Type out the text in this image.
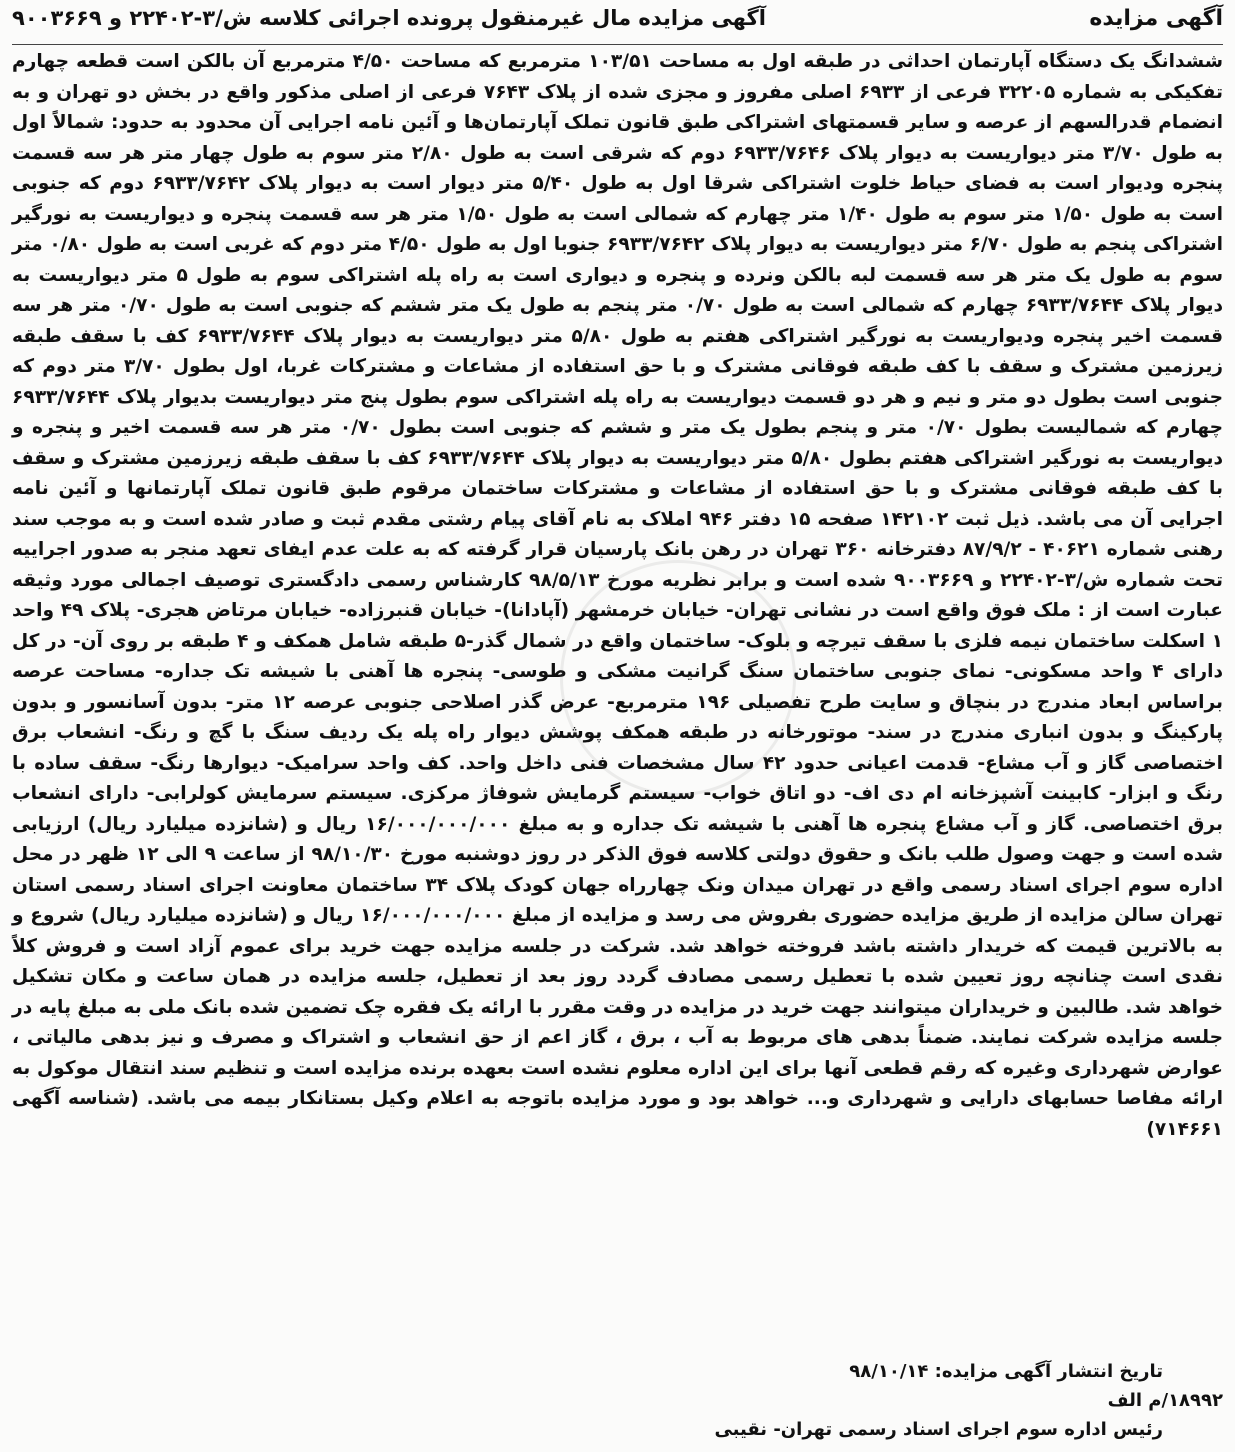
آگهی مزایده
آگهی مزایده مال غیرمنقول پرونده اجرائی کلاسه ش/۳-۲۲۴۰۲ و ۹۰۰۳۶۶۹

ششدانگ یک دستگاه آپارتمان احداثی در طبقه اول به مساحت ۱۰۳/۵۱ مترمربع که مساحت ۴/۵۰ مترمربع آن بالکن است قطعه چهارم تفکیکی به شماره ۳۲۲۰۵ فرعی از ۶۹۳۳ اصلی مفروز و مجزی شده از پلاک ۷۶۴۳ فرعی از اصلی مذکور واقع در بخش دو تهران و به انضمام قدرالسهم از عرصه و سایر قسمتهای اشتراکی طبق قانون تملک آپارتمان‌ها و آئین نامه اجرایی آن محدود به حدود: شمالاً اول به طول ۳/۷۰ متر دیواریست به دیوار پلاک ۶۹۳۳/۷۶۴۶ دوم که شرقی است به طول ۲/۸۰ متر سوم به طول چهار متر هر سه قسمت پنجره ودیوار است به فضای حیاط خلوت اشتراکی شرقا اول به طول ۵/۴۰ متر دیوار است به دیوار پلاک ۶۹۳۳/۷۶۴۲ دوم که جنوبی است به طول ۱/۵۰ متر سوم به طول ۱/۴۰ متر چهارم که شمالی است به طول ۱/۵۰ متر هر سه قسمت پنجره و دیواریست به نورگیر اشتراکی پنجم به طول ۶/۷۰ متر دیواریست به دیوار پلاک ۶۹۳۳/۷۶۴۲ جنوبا اول به طول ۴/۵۰ متر دوم که غربی است به طول ۰/۸۰ متر سوم به طول یک متر هر سه قسمت لبه بالکن ونرده و پنجره و دیواری است به راه پله اشتراکی سوم به طول ۵ متر دیواریست به دیوار پلاک ۶۹۳۳/۷۶۴۴ چهارم که شمالی است به طول ۰/۷۰ متر پنجم به طول یک متر ششم که جنوبی است به طول ۰/۷۰ متر هر سه قسمت اخیر پنجره ودیواریست به نورگیر اشتراکی هفتم به طول ۵/۸۰ متر دیواریست به دیوار پلاک ۶۹۳۳/۷۶۴۴ کف با سقف طبقه زیرزمین مشترک و سقف با کف طبقه فوقانی مشترک و با حق استفاده از مشاعات و مشترکات غربا، اول بطول ۳/۷۰ متر دوم که جنوبی است بطول دو متر و نیم و هر دو قسمت دیواریست به راه پله اشتراکی سوم بطول پنج متر دیواریست بدیوار پلاک ۶۹۳۳/۷۶۴۴ چهارم که شمالیست بطول ۰/۷۰ متر و پنجم بطول یک متر و ششم که جنوبی است بطول ۰/۷۰ متر هر سه قسمت اخیر و پنجره و دیواریست به نورگیر اشتراکی هفتم بطول ۵/۸۰ متر دیواریست به دیوار پلاک ۶۹۳۳/۷۶۴۴ کف با سقف طبقه زیرزمین مشترک و سقف با کف طبقه فوقانی مشترک و با حق استفاده از مشاعات و مشترکات ساختمان مرقوم طبق قانون تملک آپارتمانها و آئین نامه اجرایی آن می باشد. ذیل ثبت ۱۴۲۱۰۲ صفحه ۱۵ دفتر ۹۴۶ املاک به نام آقای پیام رشتی مقدم ثبت و صادر شده است و به موجب سند رهنی شماره ۴۰۶۲۱ - ۸۷/۹/۲ دفترخانه ۳۶۰ تهران در رهن بانک پارسیان قرار گرفته که به علت عدم ایفای تعهد منجر به صدور اجراییه تحت شماره ش/۳-۲۲۴۰۲ و ۹۰۰۳۶۶۹ شده است و برابر نظریه مورخ ۹۸/۵/۱۳ کارشناس رسمی دادگستری توصیف اجمالی مورد وثیقه عبارت است از : ملک فوق واقع است در نشانی تهران- خیابان خرمشهر (آپادانا)- خیابان قنبرزاده- خیابان مرتاض هجری- پلاک ۴۹ واحد ۱ اسکلت ساختمان نیمه فلزی با سقف تیرچه و بلوک- ساختمان واقع در شمال گذر-۵ طبقه شامل همکف و ۴ طبقه بر روی آن- در کل دارای ۴ واحد مسکونی- نمای جنوبی ساختمان سنگ گرانیت مشکی و طوسی- پنجره ها آهنی با شیشه تک جداره- مساحت عرصه براساس ابعاد مندرج در بنچاق و سایت طرح تفصیلی ۱۹۶ مترمربع- عرض گذر اصلاحی جنوبی عرصه ۱۲ متر- بدون آسانسور و بدون پارکینگ و بدون انباری مندرج در سند- موتورخانه در طبقه همکف پوشش دیوار راه پله یک ردیف سنگ با گچ و رنگ- انشعاب برق اختصاصی گاز و آب مشاع- قدمت اعیانی حدود ۴۲ سال مشخصات فنی داخل واحد. کف واحد سرامیک- دیوارها رنگ- سقف ساده با رنگ و ابزار- کابینت آشپزخانه ام دی اف- دو اتاق خواب- سیستم گرمایش شوفاژ مرکزی. سیستم سرمایش کولرابی- دارای انشعاب برق اختصاصی. گاز و آب مشاع پنجره ها آهنی با شیشه تک جداره و به مبلغ ۱۶/۰۰۰/۰۰۰/۰۰۰ ریال و (شانزده میلیارد ریال) ارزیابی شده است و جهت وصول طلب بانک و حقوق دولتی کلاسه فوق الذکر در روز دوشنبه مورخ ۹۸/۱۰/۳۰ از ساعت ۹ الی ۱۲ ظهر در محل اداره سوم اجرای اسناد رسمی واقع در تهران میدان ونک چهارراه جهان کودک پلاک ۳۴ ساختمان معاونت اجرای اسناد رسمی استان تهران سالن مزایده از طریق مزایده حضوری بفروش می رسد و مزایده از مبلغ ۱۶/۰۰۰/۰۰۰/۰۰۰ ریال و (شانزده میلیارد ریال) شروع و به بالاترین قیمت که خریدار داشته باشد فروخته خواهد شد. شرکت در جلسه مزایده جهت خرید برای عموم آزاد است و فروش کلاً نقدی است چنانچه روز تعیین شده با تعطیل رسمی مصادف گردد روز بعد از تعطیل، جلسه مزایده در همان ساعت و مکان تشکیل خواهد شد. طالبین و خریداران میتوانند جهت خرید در مزایده در وقت مقرر با ارائه یک فقره چک تضمین شده بانک ملی به مبلغ پایه در جلسه مزایده شرکت نمایند. ضمناً بدهی های مربوط به آب ، برق ، گاز اعم از حق انشعاب و اشتراک و مصرف و نیز بدهی مالیاتی ، عوارض شهرداری وغیره که رقم قطعی آنها برای این اداره معلوم نشده است بعهده برنده مزایده است و تنظیم سند انتقال موکول به ارائه مفاصا حسابهای دارایی و شهرداری و... خواهد بود و مورد مزایده باتوجه به اعلام وکیل بستانکار بیمه می باشد. (شناسه آگهی ۷۱۴۶۶۱)

تاریخ انتشار آگهی مزایده: ۹۸/۱۰/۱۴
۱۸۹۹۲/م الف
رئیس اداره سوم اجرای اسناد رسمی تهران- نقیبی
